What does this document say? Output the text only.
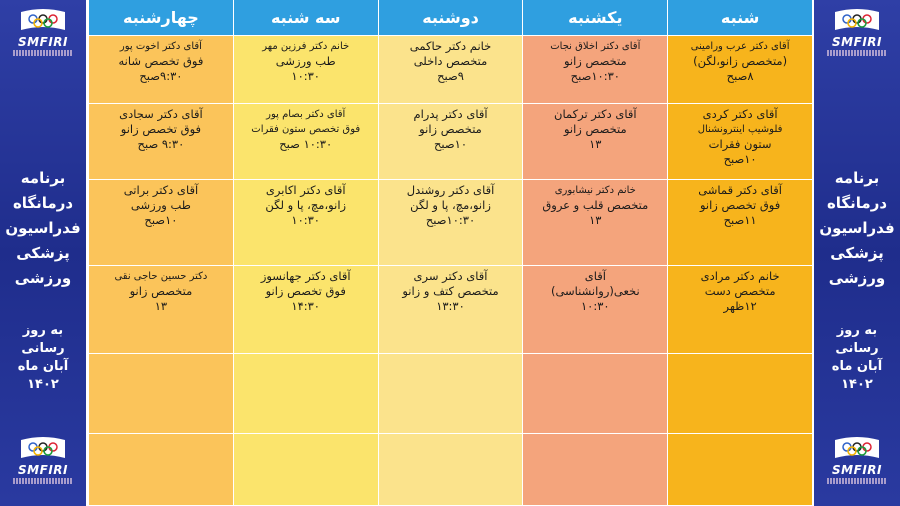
SMFIRI
برنامه
درمانگاه
فدراسیون
پزشکی
ورزشی
به روز رسانی
آبان ماه
۱۴۰۲
SMFIRI
شنبه
آقای دکتر عرب ورامینی
(متخصص زانو،لگن)
۸صبح
آقای دکتر کردی
فلوشیپ اینترونشنال
ستون فقرات
۱۰صبح
آقای دکتر قماشی
فوق تخصص زانو
۱۱صبح
خانم دکتر مرادی
متخصص دست
۱۲ظهر
یکشنبه
آقای دکتر اخلاق نجات
متخصص زانو
۱۰:۳۰صبح
آقای دکتر ترکمان
متخصص زانو
۱۳
خانم دکتر نیشابوری
متخصص قلب و عروق
۱۳
آقای
نخعی(روانشناسی)
۱۰:۳۰
دوشنبه
خانم دکتر حاکمی
متخصص داخلی
۹صبح
آقای دکتر پدرام
متخصص زانو
۱۰صبح
آقای دکتر روشندل
زانو،مچ، پا و لگن
۱۰:۳۰صبح
آقای دکتر سری
متخصص کتف و زانو
۱۳:۳۰
سه شنبه
خانم دکتر فرزین مهر
طب ورزشی
۱۰:۳۰
آقای دکتر بصام پور
فوق تخصص ستون فقرات
۱۰:۳۰ صبح
آقای دکتر اکابری
زانو،مچ، پا و لگن
۱۰:۳۰
آقای دکتر جهانسوز
فوق تخصص زانو
۱۴:۳۰
چهارشنبه
آقای دکتر اخوت پور
فوق تخصص شانه
۹:۳۰صبح
آقای دکتر سجادی
فوق تخصص زانو
۹:۳۰ صبح
آقای دکتر براتی
طب ورزشی
۱۰صبح
دکتر حسین حاجی نقی
متخصص زانو
۱۳
SMFIRI
برنامه
درمانگاه
فدراسیون
پزشکی
ورزشی
به روز رسانی
آبان ماه
۱۴۰۲
SMFIRI
